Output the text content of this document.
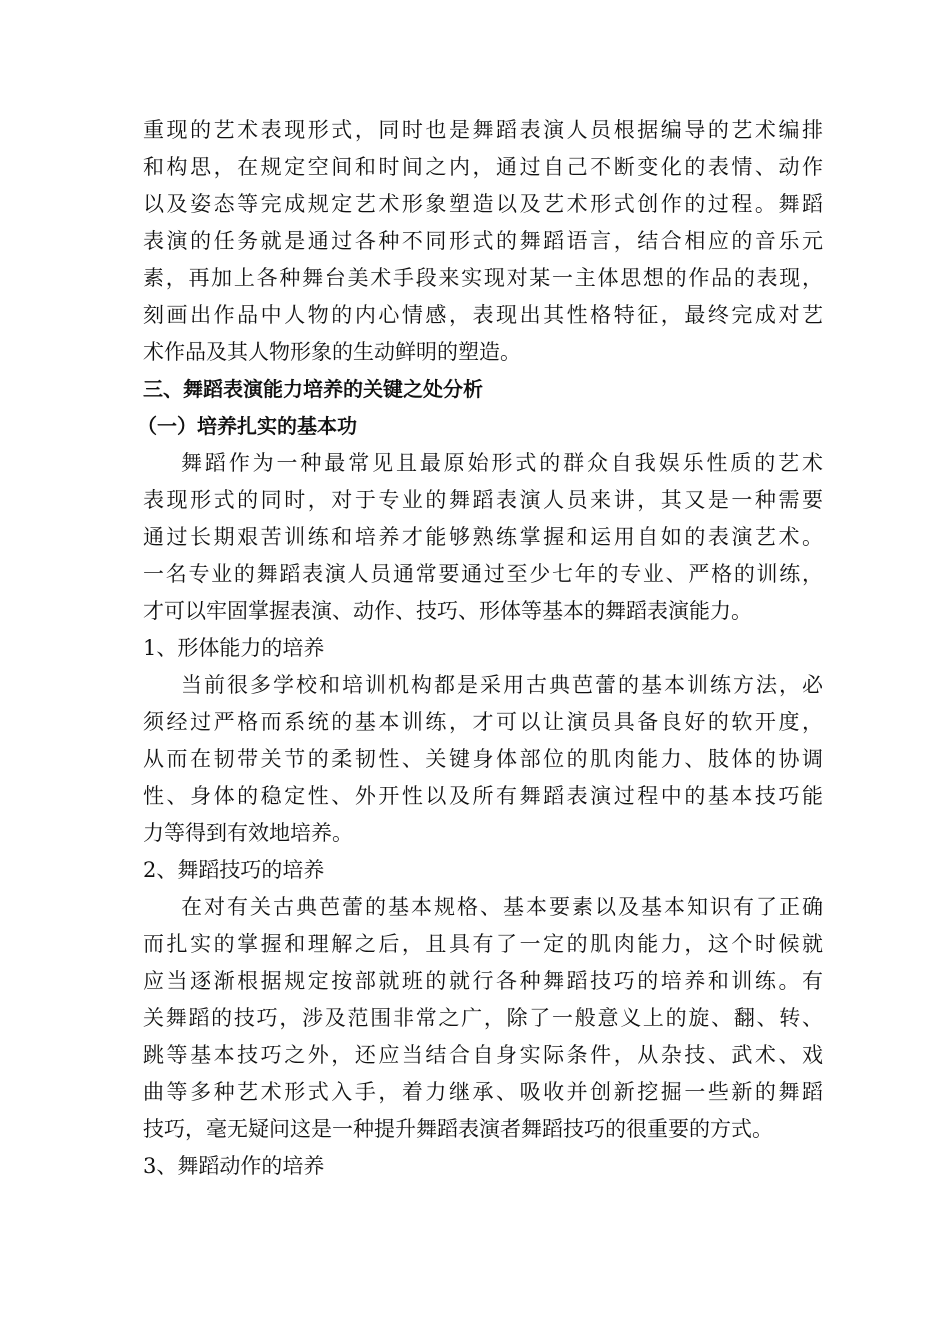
重现的艺术表现形式，同时也是舞蹈表演人员根据编导的艺术编排
和构思，在规定空间和时间之内，通过自己不断变化的表情、动作
以及姿态等完成规定艺术形象塑造以及艺术形式创作的过程。舞蹈
表演的任务就是通过各种不同形式的舞蹈语言，结合相应的音乐元
素，再加上各种舞台美术手段来实现对某一主体思想的作品的表现，
刻画出作品中人物的内心情感，表现出其性格特征，最终完成对艺
术作品及其人物形象的生动鲜明的塑造。
三、舞蹈表演能力培养的关键之处分析
（一）培养扎实的基本功
舞蹈作为一种最常见且最原始形式的群众自我娱乐性质的艺术
表现形式的同时，对于专业的舞蹈表演人员来讲，其又是一种需要
通过长期艰苦训练和培养才能够熟练掌握和运用自如的表演艺术。
一名专业的舞蹈表演人员通常要通过至少七年的专业、严格的训练，
才可以牢固掌握表演、动作、技巧、形体等基本的舞蹈表演能力。
1、形体能力的培养
当前很多学校和培训机构都是采用古典芭蕾的基本训练方法，必
须经过严格而系统的基本训练，才可以让演员具备良好的软开度，
从而在韧带关节的柔韧性、关键身体部位的肌肉能力、肢体的协调
性、身体的稳定性、外开性以及所有舞蹈表演过程中的基本技巧能
力等得到有效地培养。
2、舞蹈技巧的培养
在对有关古典芭蕾的基本规格、基本要素以及基本知识有了正确
而扎实的掌握和理解之后，且具有了一定的肌肉能力，这个时候就
应当逐渐根据规定按部就班的就行各种舞蹈技巧的培养和训练。有
关舞蹈的技巧，涉及范围非常之广，除了一般意义上的旋、翻、转、
跳等基本技巧之外，还应当结合自身实际条件，从杂技、武术、戏
曲等多种艺术形式入手，着力继承、吸收并创新挖掘一些新的舞蹈
技巧，毫无疑问这是一种提升舞蹈表演者舞蹈技巧的很重要的方式。
3、舞蹈动作的培养
